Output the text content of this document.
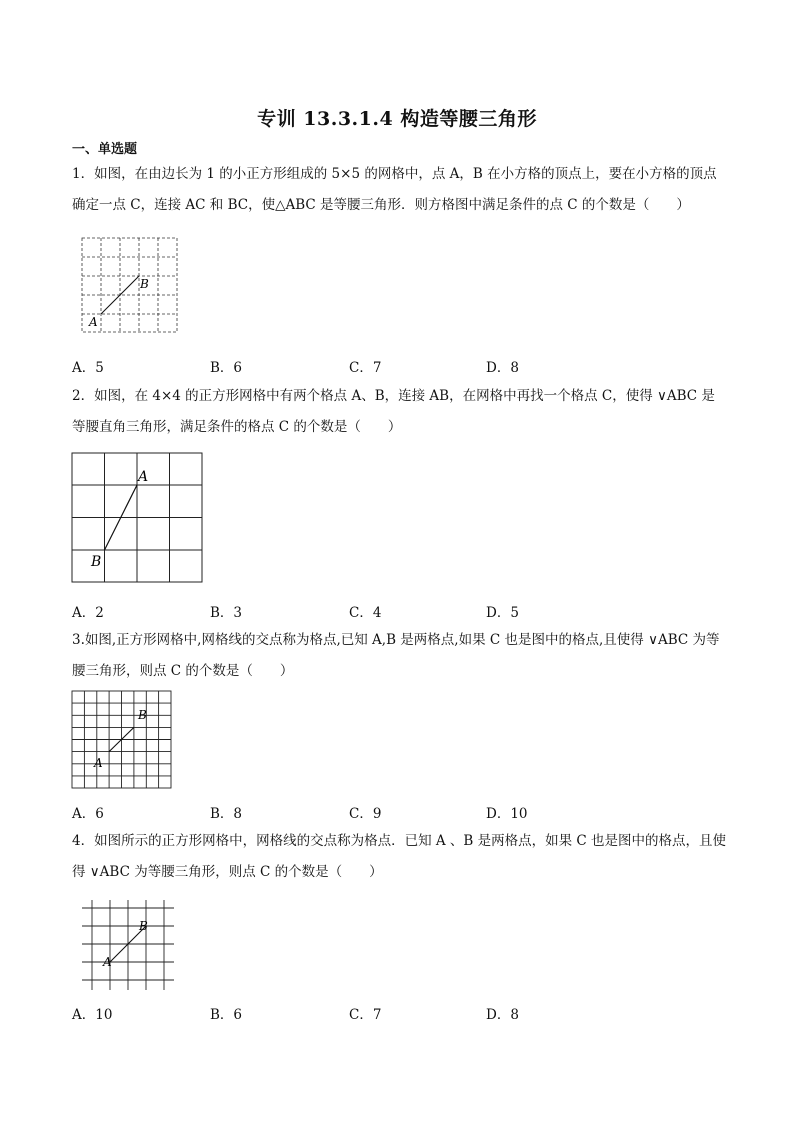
专训 13.3.1.4 构造等腰三角形
一、单选题
1．如图，在由边长为 1 的小正方形组成的 5×5 的网格中，点 A，B 在小方格的顶点上，要在小方格的顶点确定一点 C，连接 AC 和 BC，使△ABC 是等腰三角形．则方格图中满足条件的点 C 的个数是（　　）
A
B
A．5	B．6	C．7	D．8
2．如图，在 4×4 的正方形网格中有两个格点 A、B，连接 AB，在网格中再找一个格点 C，使得 ∨ABC 是等腰直角三角形，满足条件的格点 C 的个数是（　　）
A
B
A．2	B．3	C．4	D．5
3.如图,正方形网格中,网格线的交点称为格点,已知 A,B 是两格点,如果 C 也是图中的格点,且使得 ∨ABC 为等腰三角形，则点 C 的个数是（　　）
A
B
A．6	B．8	C．9	D．10
4．如图所示的正方形网格中，网格线的交点称为格点．已知 A 、B 是两格点，如果 C 也是图中的格点，且使得 ∨ABC 为等腰三角形，则点 C 的个数是（　　）
A
B
A．10	B．6	C．7	D．8
